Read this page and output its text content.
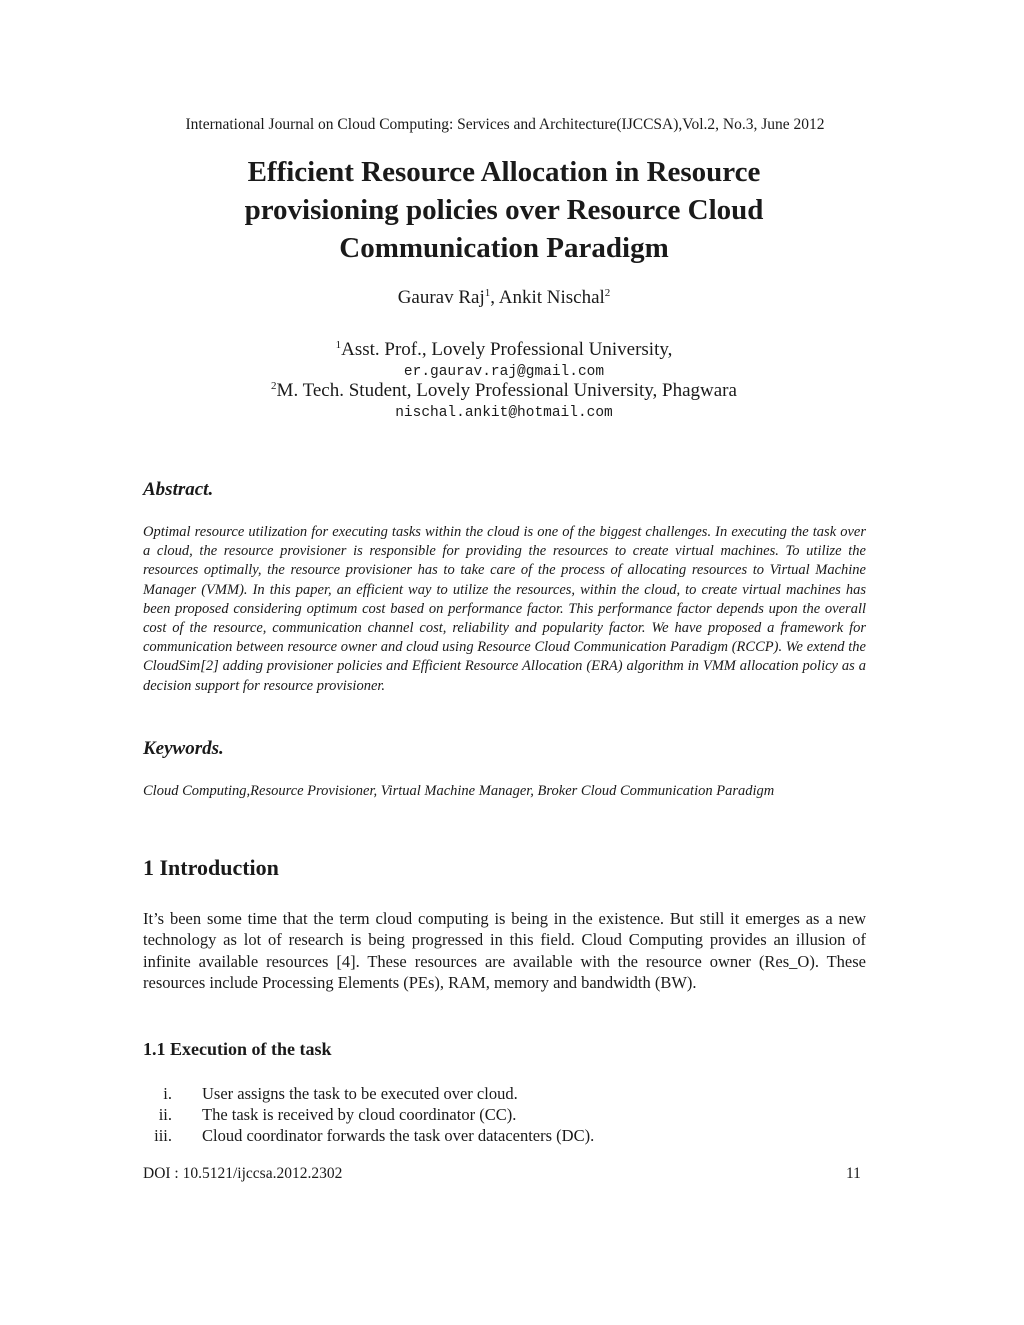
International Journal on Cloud Computing: Services and Architecture(IJCCSA),Vol.2, No.3, June 2012
Efficient Resource Allocation in Resource
provisioning policies over Resource Cloud
Communication Paradigm
Gaurav Raj$^1$, Ankit Nischal$^2$
$^1$Asst. Prof., Lovely Professional University,
er.gaurav.raj@gmail.com
$^2$M. Tech. Student, Lovely Professional University, Phagwara
nischal.ankit@hotmail.com
Abstract.
Optimal resource utilization for executing tasks within the cloud is one of the biggest challenges. In executing the task over a cloud, the resource provisioner is responsible for providing the resources to create virtual machines. To utilize the resources optimally, the resource provisioner has to take care of the process of allocating resources to Virtual Machine Manager (VMM). In this paper, an efficient way to utilize the resources, within the cloud, to create virtual machines has been proposed considering optimum cost based on performance factor. This performance factor depends upon the overall cost of the resource, communication channel cost, reliability and popularity factor. We have proposed a framework for communication between resource owner and cloud using Resource Cloud Communication Paradigm (RCCP). We extend the CloudSim[2] adding provisioner policies and Efficient Resource Allocation (ERA) algorithm in VMM allocation policy as a decision support for resource provisioner.
Keywords.
Cloud Computing,Resource Provisioner, Virtual Machine Manager, Broker Cloud Communication Paradigm
1 Introduction
It’s been some time that the term cloud computing is being in the existence. But still it emerges as a new technology as lot of research is being progressed in this field. Cloud Computing provides an illusion of infinite available resources [4]. These resources are available with the resource owner (Res_O). These resources include Processing Elements (PEs), RAM, memory and bandwidth (BW).
1.1 Execution of the task
i. User assigns the task to be executed over cloud.
ii. The task is received by cloud coordinator (CC).
iii. Cloud coordinator forwards the task over datacenters (DC).
DOI : 10.5121/ijccsa.2012.2302	11
